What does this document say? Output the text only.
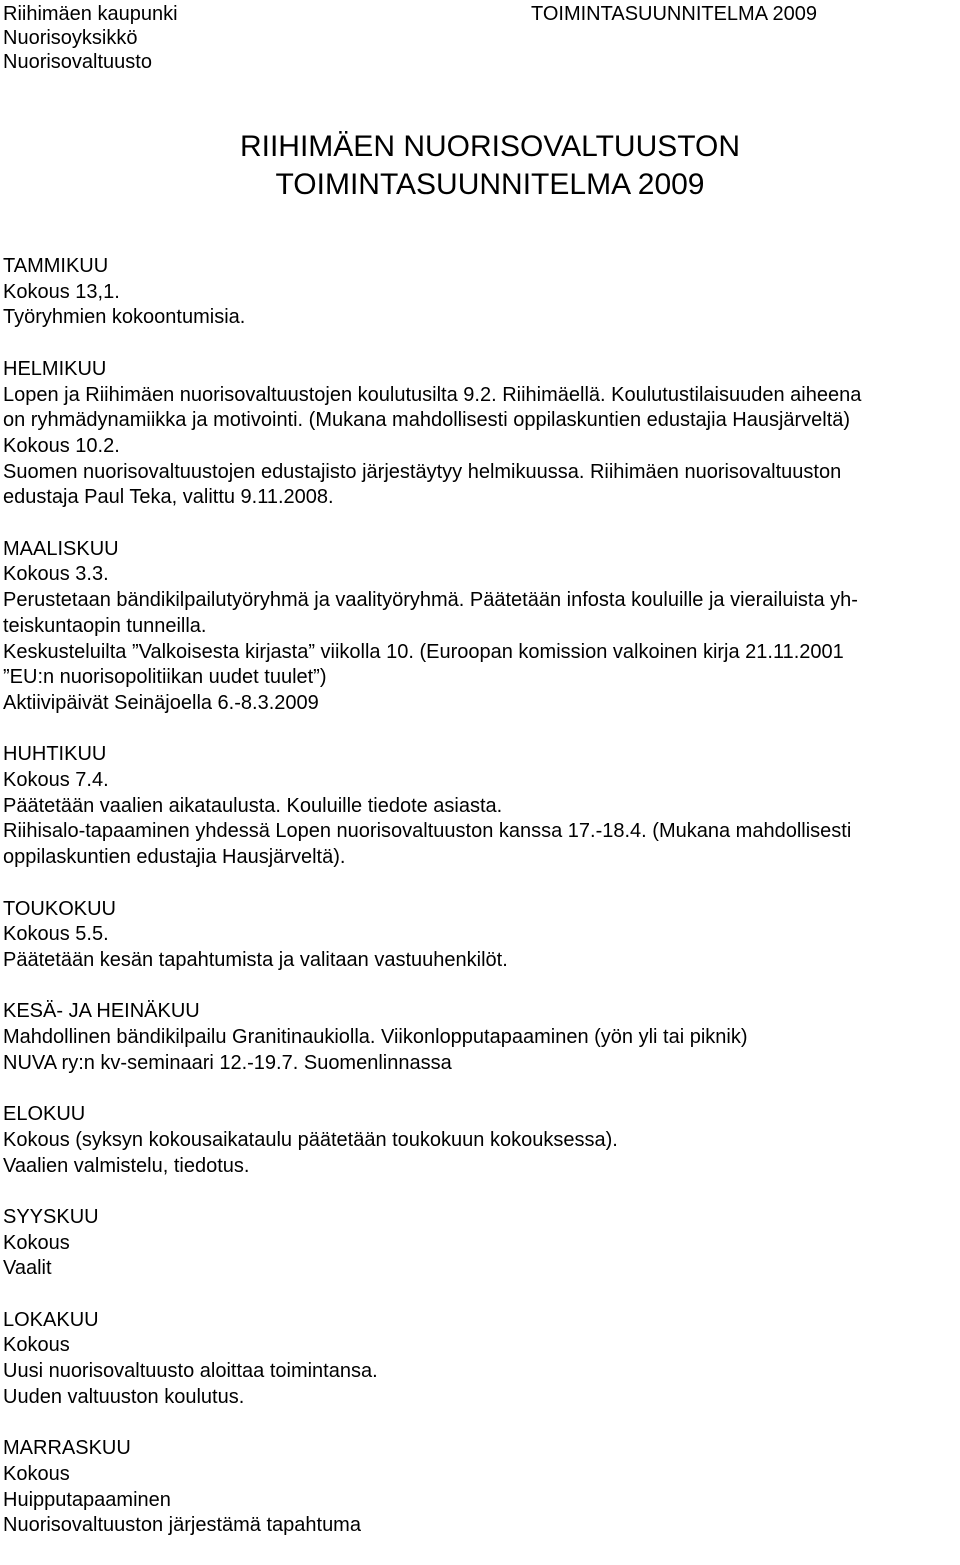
Riihimäen kaupunki
Nuorisoyksikkö
Nuorisovaltuusto
TOIMINTASUUNNITELMA 2009
RIIHIMÄEN NUORISOVALTUUSTON
TOIMINTASUUNNITELMA 2009
TAMMIKUU
Kokous 13,1.
Työryhmien kokoontumisia.
HELMIKUU
Lopen ja Riihimäen nuorisovaltuustojen koulutusilta 9.2. Riihimäellä. Koulutustilaisuuden aiheena
on ryhmädynamiikka ja motivointi. (Mukana mahdollisesti oppilaskuntien edustajia Hausjärveltä)
Kokous 10.2.
Suomen nuorisovaltuustojen edustajisto järjestäytyy helmikuussa. Riihimäen nuorisovaltuuston
edustaja Paul Teka, valittu 9.11.2008.
MAALISKUU
Kokous 3.3.
Perustetaan bändikilpailutyöryhmä ja vaalityöryhmä. Päätetään infosta kouluille ja vierailuista yh-
teiskuntaopin tunneilla.
Keskusteluilta ”Valkoisesta kirjasta” viikolla 10. (Euroopan komission valkoinen kirja 21.11.2001
”EU:n nuorisopolitiikan uudet tuulet”)
Aktiivipäivät Seinäjoella 6.-8.3.2009
HUHTIKUU
Kokous 7.4.
Päätetään vaalien aikataulusta. Kouluille tiedote asiasta.
Riihisalo-tapaaminen yhdessä Lopen nuorisovaltuuston kanssa 17.-18.4. (Mukana mahdollisesti
oppilaskuntien edustajia Hausjärveltä).
TOUKOKUU
Kokous 5.5.
Päätetään kesän tapahtumista ja valitaan vastuuhenkilöt.
KESÄ- JA HEINÄKUU
Mahdollinen bändikilpailu Granitinaukiolla. Viikonlopputapaaminen (yön yli tai piknik)
NUVA ry:n kv-seminaari 12.-19.7. Suomenlinnassa
ELOKUU
Kokous (syksyn kokousaikataulu päätetään toukokuun kokouksessa).
Vaalien valmistelu, tiedotus.
SYYSKUU
Kokous
Vaalit
LOKAKUU
Kokous
Uusi nuorisovaltuusto aloittaa toimintansa.
Uuden valtuuston koulutus.
MARRASKUU
Kokous
Huipputapaaminen
Nuorisovaltuuston järjestämä tapahtuma
